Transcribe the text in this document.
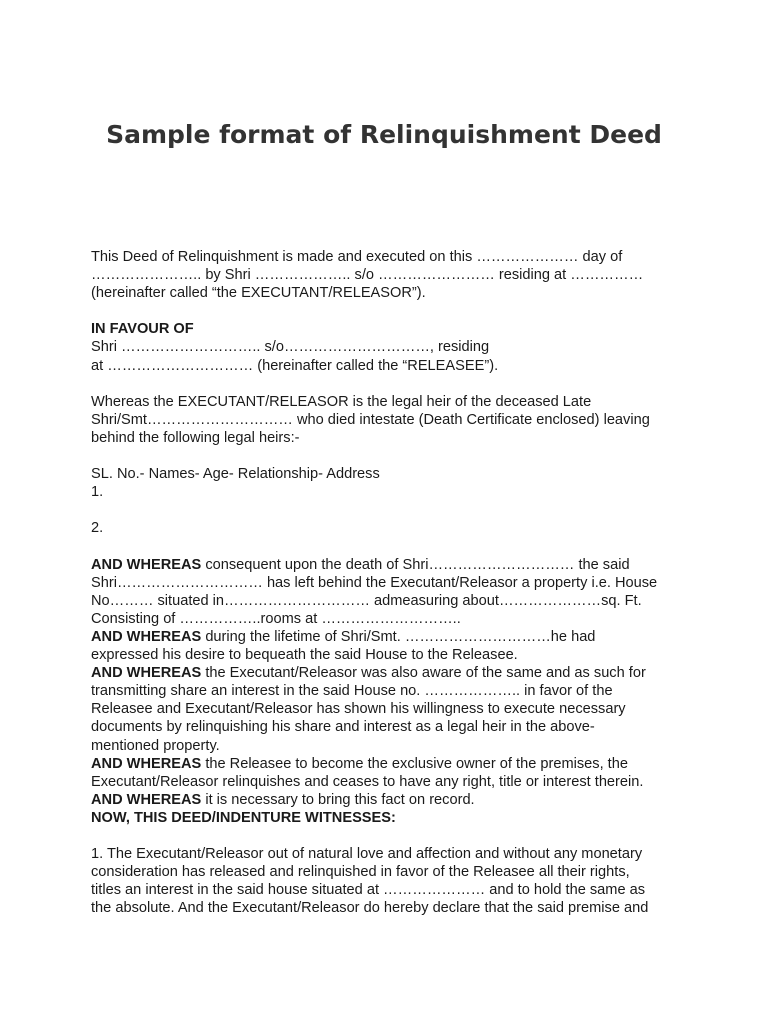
Sample format of Relinquishment Deed

This Deed of Relinquishment is made and executed on this ………………… day of
………………….. by Shri ……………….. s/o …………………… residing at ……………
(hereinafter called “the EXECUTANT/RELEASOR”).

IN FAVOUR OF

Shri ……………………….. s/o…………………………, residing
at ………………………… (hereinafter called the “RELEASEE”).

Whereas the EXECUTANT/RELEASOR is the legal heir of the deceased Late
Shri/Smt………………………… who died intestate (Death Certificate enclosed) leaving
behind the following legal heirs:-

SL. No.- Names- Age- Relationship- Address

1.

2.

AND WHEREAS consequent upon the death of Shri………………………… the said
Shri………………………… has left behind the Executant/Releasor a property i.e. House
No……… situated in………………………… admeasuring about…………………sq. Ft.
Consisting of ……………..rooms at ………………………..

AND WHEREAS during the lifetime of Shri/Smt. …………………………he had
expressed his desire to bequeath the said House to the Releasee.

AND WHEREAS the Executant/Releasor was also aware of the same and as such for
transmitting share an interest in the said House no. ……………….. in favor of the
Releasee and Executant/Releasor has shown his willingness to execute necessary
documents by relinquishing his share and interest as a legal heir in the above-
mentioned property.

AND WHEREAS the Releasee to become the exclusive owner of the premises, the
Executant/Releasor relinquishes and ceases to have any right, title or interest therein.

AND WHEREAS it is necessary to bring this fact on record.

NOW, THIS DEED/INDENTURE WITNESSES:

1. The Executant/Releasor out of natural love and affection and without any monetary
consideration has released and relinquished in favor of the Releasee all their rights,
titles an interest in the said house situated at ………………… and to hold the same as
the absolute. And the Executant/Releasor do hereby declare that the said premise and
